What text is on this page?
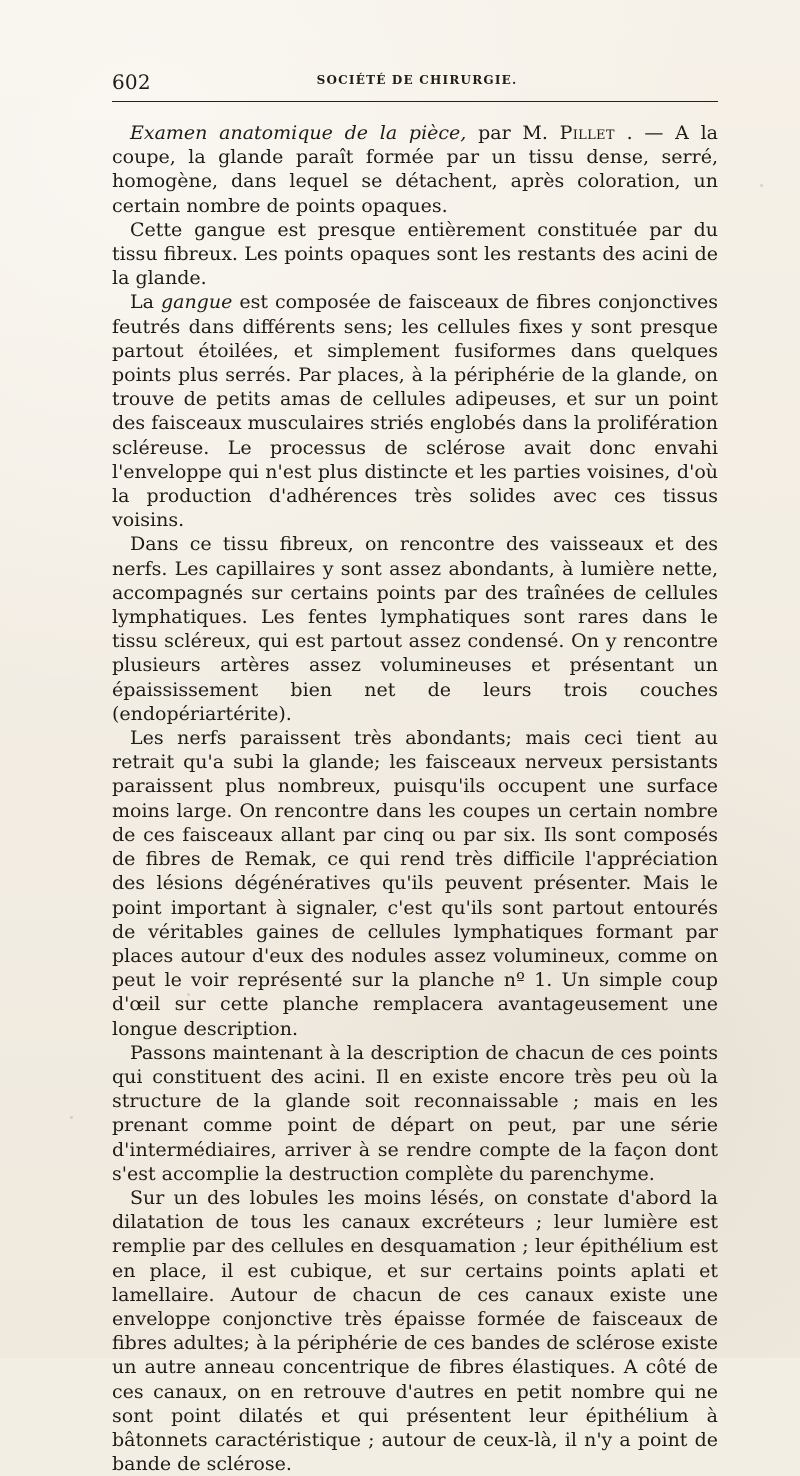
602	SOCIÉTÉ DE CHIRURGIE.

Examen anatomique de la pièce, par M. Pillet . — A la coupe, la glande paraît formée par un tissu dense, serré, homogène, dans lequel se détachent, après coloration, un certain nombre de points opaques.

Cette gangue est presque entièrement constituée par du tissu fibreux. Les points opaques sont les restants des acini de la glande.

La gangue est composée de faisceaux de fibres conjonctives feutrés dans différents sens; les cellules fixes y sont presque partout étoilées, et simplement fusiformes dans quelques points plus serrés. Par places, à la périphérie de la glande, on trouve de petits amas de cellules adipeuses, et sur un point des faisceaux musculaires striés englobés dans la prolifération scléreuse. Le processus de sclérose avait donc envahi l'enveloppe qui n'est plus distincte et les parties voisines, d'où la production d'adhérences très solides avec ces tissus voisins.

Dans ce tissu fibreux, on rencontre des vaisseaux et des nerfs. Les capillaires y sont assez abondants, à lumière nette, accompagnés sur certains points par des traînées de cellules lymphatiques. Les fentes lymphatiques sont rares dans le tissu scléreux, qui est partout assez condensé. On y rencontre plusieurs artères assez volumineuses et présentant un épaississement bien net de leurs trois couches (endopériartérite).

Les nerfs paraissent très abondants; mais ceci tient au retrait qu'a subi la glande; les faisceaux nerveux persistants paraissent plus nombreux, puisqu'ils occupent une surface moins large. On rencontre dans les coupes un certain nombre de ces faisceaux allant par cinq ou par six. Ils sont composés de fibres de Remak, ce qui rend très difficile l'appréciation des lésions dégénératives qu'ils peuvent présenter. Mais le point important à signaler, c'est qu'ils sont partout entourés de véritables gaines de cellules lymphatiques formant par places autour d'eux des nodules assez volumineux, comme on peut le voir représenté sur la planche nº 1. Un simple coup d'œil sur cette planche remplacera avantageusement une longue description.

Passons maintenant à la description de chacun de ces points qui constituent des acini. Il en existe encore très peu où la structure de la glande soit reconnaissable ; mais en les prenant comme point de départ on peut, par une série d'intermédiaires, arriver à se rendre compte de la façon dont s'est accomplie la destruction complète du parenchyme.

Sur un des lobules les moins lésés, on constate d'abord la dilatation de tous les canaux excréteurs ; leur lumière est remplie par des cellules en desquamation ; leur épithélium est en place, il est cubique, et sur certains points aplati et lamellaire. Autour de chacun de ces canaux existe une enveloppe conjonctive très épaisse formée de faisceaux de fibres adultes; à la périphérie de ces bandes de sclérose existe un autre anneau concentrique de fibres élastiques. A côté de ces canaux, on en retrouve d'autres en petit nombre qui ne sont point dilatés et qui présentent leur épithélium à bâtonnets caractéristique ; autour de ceux-là, il n'y a point de bande de sclérose.
